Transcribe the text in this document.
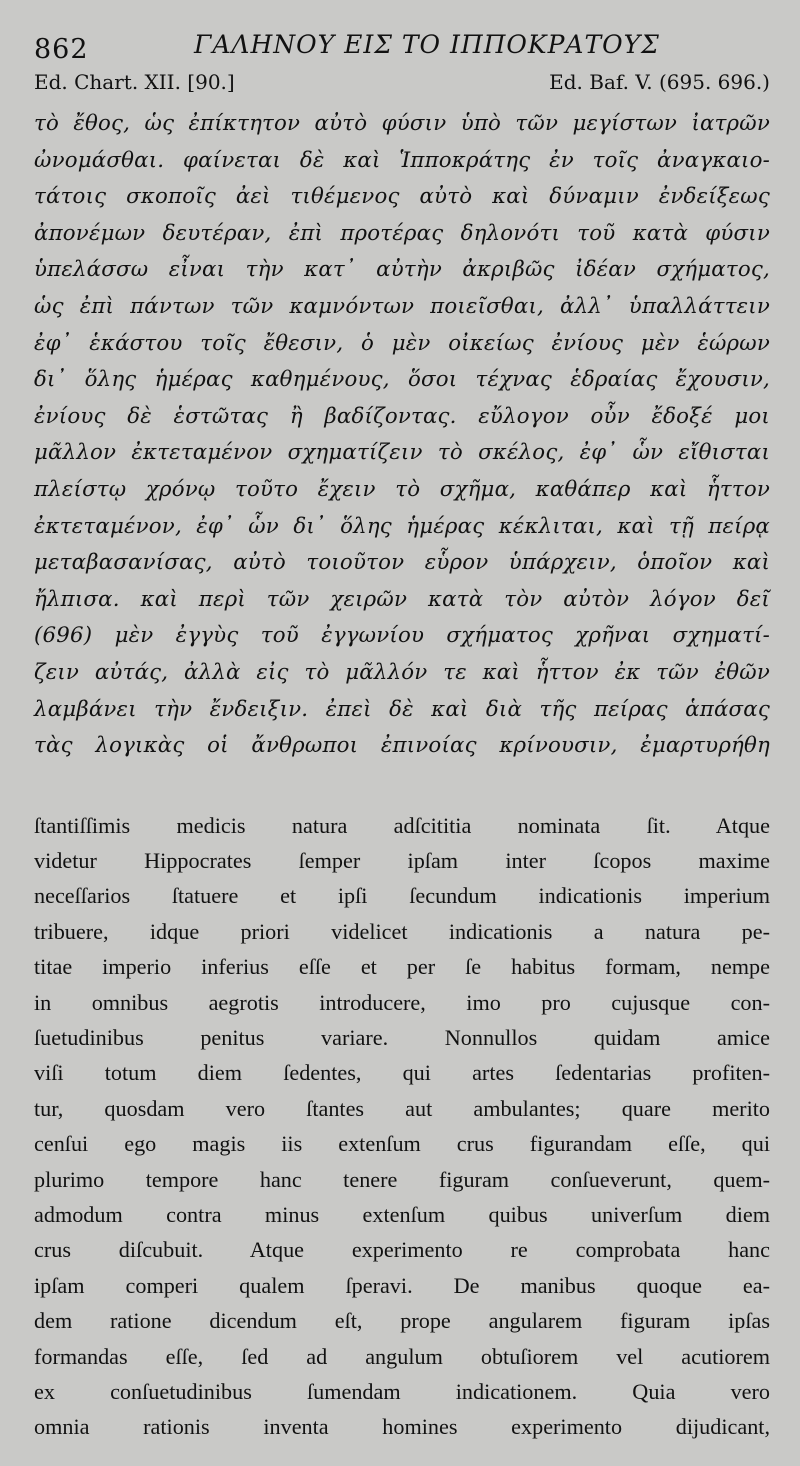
862	ΓΑΛΗΝΟΥ ΕΙΣ ΤΟ ΙΠΠΟΚΡΑΤΟΥΣ
Ed. Chart. XII. [90.]	Ed. Baf. V. (695. 696.)
τὸ ἔθος, ὡς ἐπίκτητον αὐτὸ φύσιν ὑπὸ τῶν μεγίστων ἰατρῶν
ὠνομάσθαι. φαίνεται δὲ καὶ Ἱπποκράτης ἐν τοῖς ἀναγκαιο-
τάτοις σκοποῖς ἀεὶ τιθέμενος αὐτὸ καὶ δύναμιν ἐνδείξεως
ἀπονέμων δευτέραν, ἐπὶ προτέρας δηλονότι τοῦ κατὰ φύσιν
ὑπελάσσω εἶναι τὴν κατ᾽ αὐτὴν ἀκριβῶς ἰδέαν σχήματος,
ὡς ἐπὶ πάντων τῶν καμνόντων ποιεῖσθαι, ἀλλ᾽ ὑπαλλάττειν
ἐφ᾽ ἑκάστου τοῖς ἔθεσιν, ὁ μὲν οἰκείως ἐνίους μὲν ἑώρων
δι᾽ ὅλης ἡμέρας καθημένους, ὅσοι τέχνας ἑδραίας ἔχουσιν,
ἐνίους δὲ ἑστῶτας ἢ βαδίζοντας. εὔλογον οὖν ἔδοξέ μοι
μᾶλλον ἐκτεταμένον σχηματίζειν τὸ σκέλος, ἐφ᾽ ὧν εἴθισται
πλείστῳ χρόνῳ τοῦτο ἔχειν τὸ σχῆμα, καθάπερ καὶ ἧττον
ἐκτεταμένον, ἐφ᾽ ὧν δι᾽ ὅλης ἡμέρας κέκλιται, καὶ τῇ πείρᾳ
μεταβασανίσας, αὐτὸ τοιοῦτον εὗρον ὑπάρχειν, ὁποῖον καὶ
ἤλπισα. καὶ περὶ τῶν χειρῶν κατὰ τὸν αὐτὸν λόγον δεῖ
(696) μὲν ἐγγὺς τοῦ ἐγγωνίου σχήματος χρῆναι σχηματί-
ζειν αὐτάς, ἀλλὰ εἰς τὸ μᾶλλόν τε καὶ ἧττον ἐκ τῶν ἐθῶν
λαμβάνει τὴν ἔνδειξιν. ἐπεὶ δὲ καὶ διὰ τῆς πείρας ἁπάσας
τὰς λογικὰς οἱ ἄνθρωποι ἐπινοίας κρίνουσιν, ἐμαρτυρήθη
ſtantiſſimis medicis natura adſcititia nominata ſit. Atque
videtur Hippocrates ſemper ipſam inter ſcopos maxime
neceſſarios ſtatuere et ipſi ſecundum indicationis imperium
tribuere, idque priori videlicet indicationis a natura pe-
titae imperio inferius eſſe et per ſe habitus formam, nempe
in omnibus aegrotis introducere, imo pro cujusque con-
ſuetudinibus penitus variare. Nonnullos quidam amice
viſi totum diem ſedentes, qui artes ſedentarias profiten-
tur, quosdam vero ſtantes aut ambulantes; quare merito
cenſui ego magis iis extenſum crus figurandam eſſe, qui
plurimo tempore hanc tenere figuram conſueverunt, quem-
admodum contra minus extenſum quibus univerſum diem
crus diſcubuit. Atque experimento re comprobata hanc
ipſam comperi qualem ſperavi. De manibus quoque ea-
dem ratione dicendum eſt, prope angularem figuram ipſas
formandas eſſe, ſed ad angulum obtuſiorem vel acutiorem
ex conſuetudinibus ſumendam indicationem. Quia vero
omnia rationis inventa homines experimento dijudicant,
